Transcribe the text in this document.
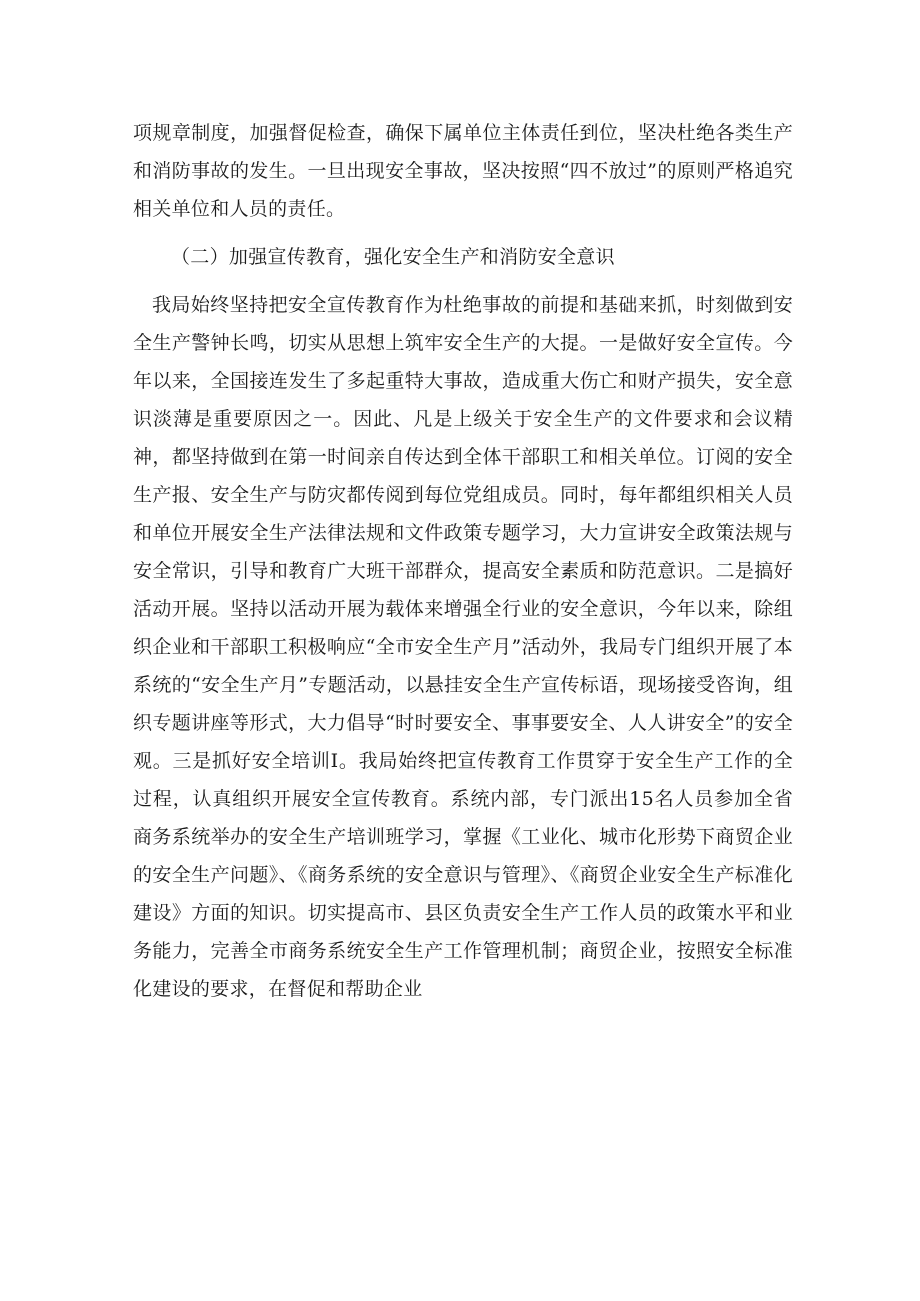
项规章制度，加强督促检查，确保下属单位主体责任到位，坚决杜绝各类生产和消防事故的发生。一旦出现安全事故，坚决按照“四不放过”的原则严格追究相关单位和人员的责任。

（二）加强宣传教育，强化安全生产和消防安全意识

我局始终坚持把安全宣传教育作为杜绝事故的前提和基础来抓，时刻做到安全生产警钟长鸣，切实从思想上筑牢安全生产的大提。一是做好安全宣传。今年以来，全国接连发生了多起重特大事故，造成重大伤亡和财产损失，安全意识淡薄是重要原因之一。因此、凡是上级关于安全生产的文件要求和会议精神，都坚持做到在第一时间亲自传达到全体干部职工和相关单位。订阅的安全生产报、安全生产与防灾都传阅到每位党组成员。同时，每年都组织相关人员和单位开展安全生产法律法规和文件政策专题学习，大力宣讲安全政策法规与安全常识，引导和教育广大班干部群众，提高安全素质和防范意识。二是搞好活动开展。坚持以活动开展为载体来增强全行业的安全意识，今年以来，除组织企业和干部职工积极响应“全市安全生产月”活动外，我局专门组织开展了本系统的“安全生产月”专题活动，以悬挂安全生产宣传标语，现场接受咨询，组织专题讲座等形式，大力倡导“时时要安全、事事要安全、人人讲安全”的安全观。三是抓好安全培训I。我局始终把宣传教育工作贯穿于安全生产工作的全过程，认真组织开展安全宣传教育。系统内部，专门派出15名人员参加全省商务系统举办的安全生产培训班学习，掌握《工业化、城市化形势下商贸企业的安全生产问题》、《商务系统的安全意识与管理》、《商贸企业安全生产标准化建设》方面的知识。切实提高市、县区负责安全生产工作人员的政策水平和业务能力，完善全市商务系统安全生产工作管理机制；商贸企业，按照安全标准化建设的要求，在督促和帮助企业
